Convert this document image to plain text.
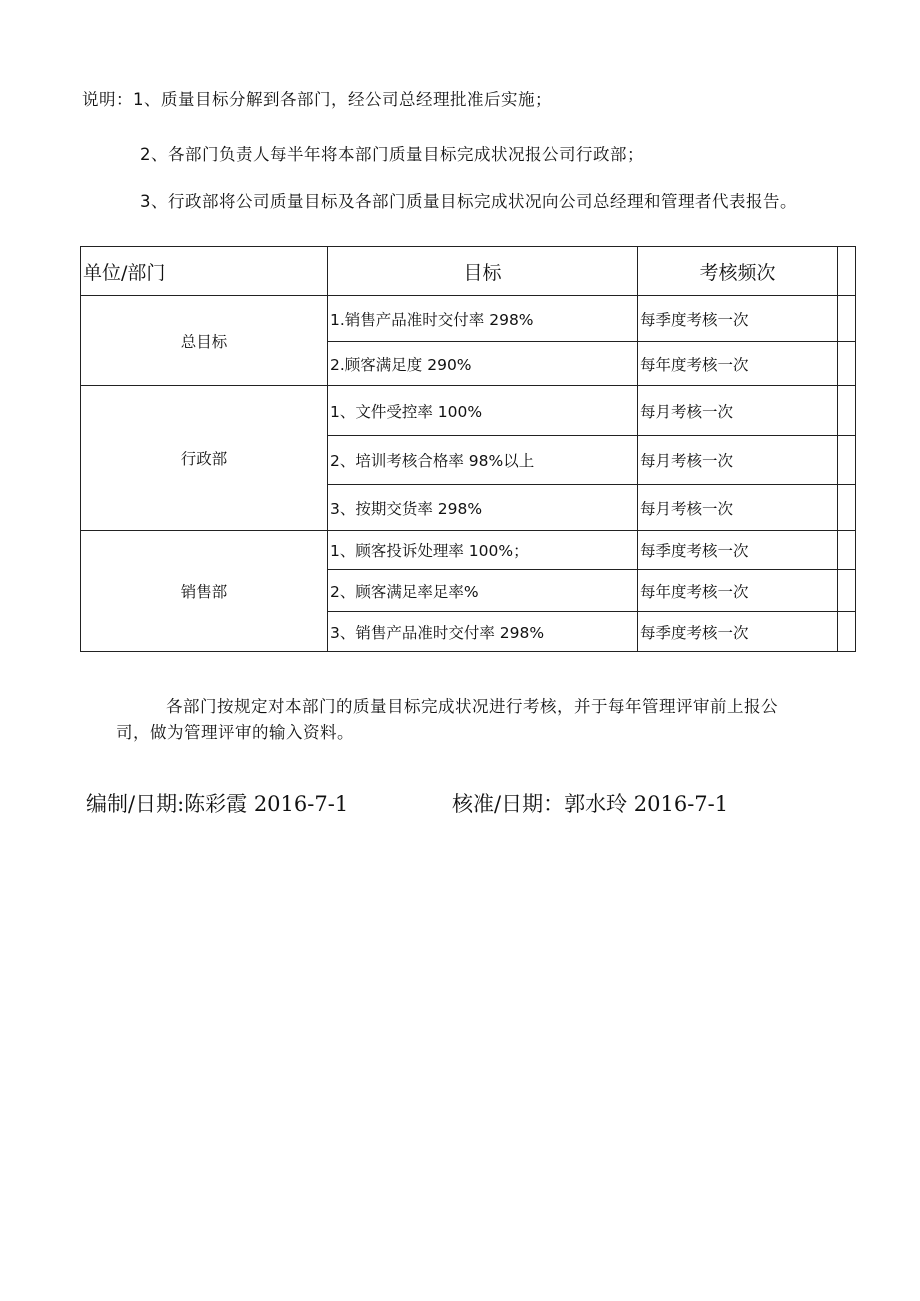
说明：1、质量目标分解到各部门，经公司总经理批准后实施；
2、各部门负责人每半年将本部门质量目标完成状况报公司行政部；
3、行政部将公司质量目标及各部门质量目标完成状况向公司总经理和管理者代表报告。
单位/部门	目标	考核频次	
总目标	1.销售产品准时交付率 298%	每季度考核一次	
	2.顾客满足度 290%	每年度考核一次	
行政部	1、文件受控率 100%	每月考核一次	
	2、培训考核合格率 98%以上	每月考核一次	
	3、按期交货率 298%	每月考核一次	
销售部	1、顾客投诉处理率 100%；	每季度考核一次	
	2、顾客满足率足率%	每年度考核一次	
	3、销售产品准时交付率 298%	每季度考核一次	
各部门按规定对本部门的质量目标完成状况进行考核，并于每年管理评审前上报公
司，做为管理评审的输入资料。
编制/日期:陈彩霞 2016-7-1	核准/日期：郭水玲 2016-7-1
